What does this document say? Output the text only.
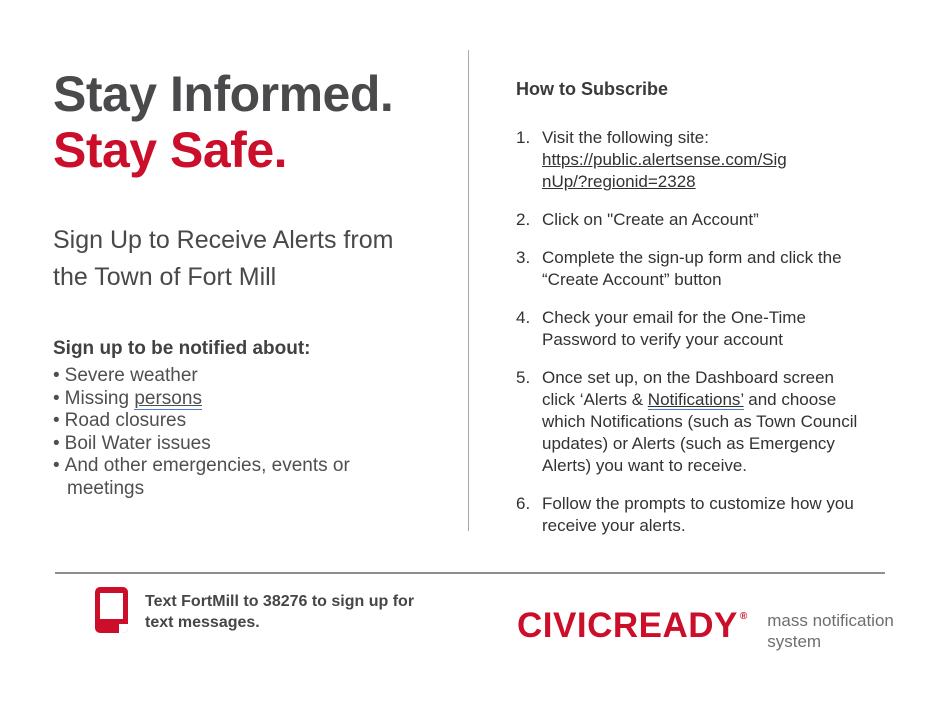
Stay Informed.
Stay Safe.

Sign Up to Receive Alerts from
the Town of Fort Mill

Sign up to be notified about:
• Severe weather
• Missing persons
• Road closures
• Boil Water issues
• And other emergencies, events or meetings
How to Subscribe
1. Visit the following site:
https://public.alertsense.com/Sig
nUp/?regionid=2328
2. Click on "Create an Account”
3. Complete the sign-up form and click the “Create Account” button
4. Check your email for the One-Time Password to verify your account
5. Once set up, on the Dashboard screen click ‘Alerts & Notifications’ and choose which Notifications (such as Town Council updates) or Alerts (such as Emergency Alerts) you want to receive.
6. Follow the prompts to customize how you receive your alerts.

Text FortMill to 38276 to sign up for
text messages.	CIVICREADY ® mass notification
system
